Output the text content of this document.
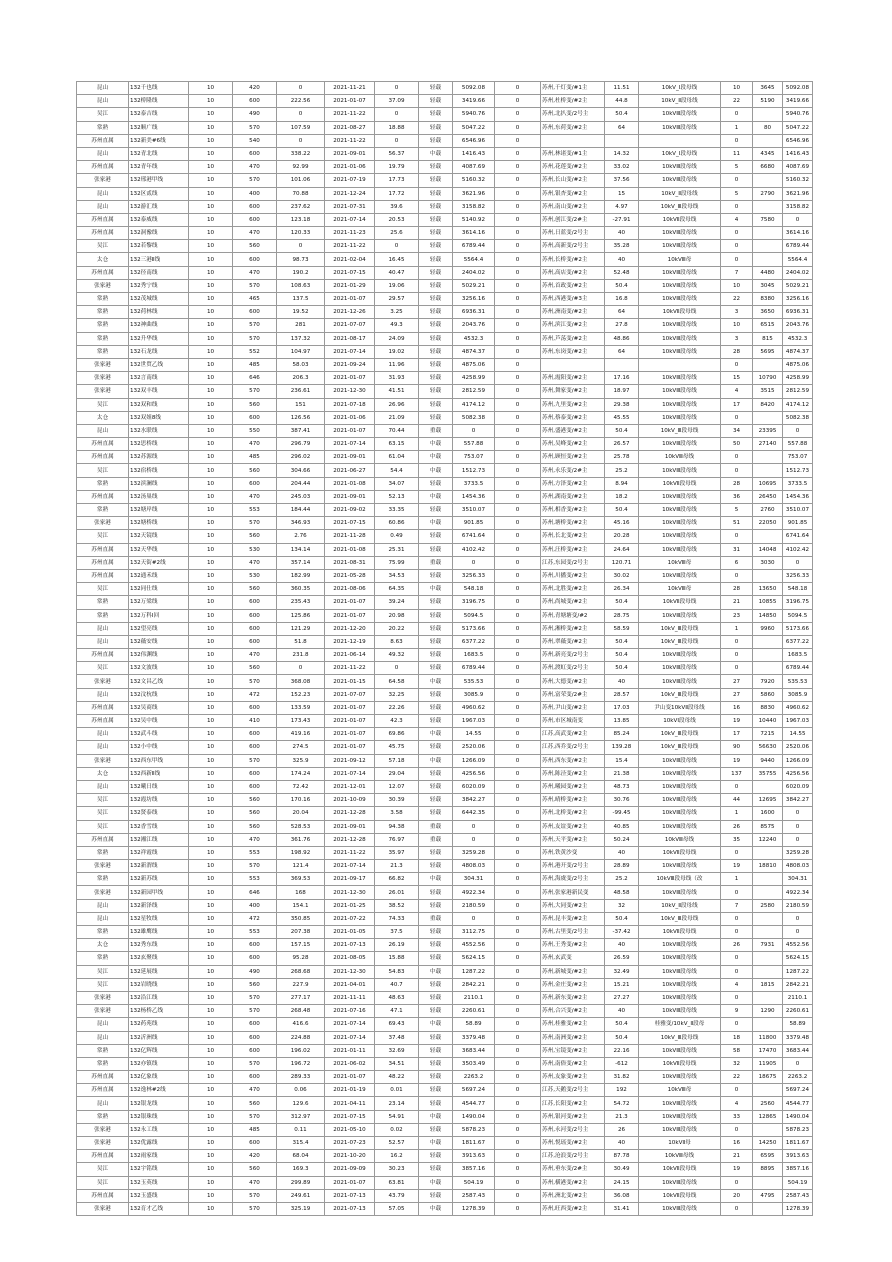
昆山	132千也线	10	420	0	2021-11-21	0	轻载	5092.08	0	苏州,千灯变/#1主	11.51	10kV_Ⅰ段母线	10	3645	5092.08
昆山	132桥隆线	10	600	222.56	2021-01-07	37.09	轻载	3419.66	0	苏州,杜桥变/#2主	44.8	10kV_Ⅱ段母线	22	5190	3419.66
吴江	132泰吉线	10	490	0	2021-11-22	0	轻载	5940.76	0	苏州,北扒变/2号主	50.4	10kVⅢ段母线	0		5940.76
常熟	132顺广线	10	570	107.59	2021-08-27	18.88	轻载	5047.22	0	苏州,东荷变/#2主	64	10kVⅢ段母线	1	80	5047.22
苏州直属	132新美#6线	10	540	0	2021-11-22	0	轻载	6546.96	0				0		6546.96
昆山	132青北线	10	600	338.22	2021-09-01	56.37	中载	1416.43	0	苏州,林诸变/#1主	14.32	10kV_Ⅰ段母线	11	4345	1416.43
苏州直属	132青年线	10	470	92.99	2021-01-06	19.79	轻载	4087.69	0	苏州,花莲变/#2主	33.02	10kVⅢ段母线	5	6680	4087.69
张家港	132邢港甲线	10	570	101.06	2021-07-19	17.73	轻载	5160.32	0	苏州,长山变/#2主	37.56	10kVⅢ段母线	0		5160.32
昆山	132区贰线	10	400	70.88	2021-12-24	17.72	轻载	3621.96	0	苏州,银杏变/#2主	15	10kV_Ⅱ段母线	5	2790	3621.96
昆山	132游汇线	10	600	237.62	2021-07-31	39.6	轻载	3158.82	0	苏州,南山变/#2主	4.97	10kV_Ⅲ段母线	0		3158.82
苏州直属	132泰威线	10	600	123.18	2021-07-14	20.53	轻载	5140.92	0	苏州,创江变/2#主	-27.91	10kVⅡ段母线	4	7580	0
苏州直属	132洞豫线	10	470	120.33	2021-11-23	25.6	轻载	3614.16	0	苏州,日蓝变/2号主	40	10kVⅢ段母线	0		3614.16
吴江	132若黎线	10	560	0	2021-11-22	0	轻载	6789.44	0	苏州,高新变/2号主	35.28	10kVⅢ段母线	0		6789.44
太仓	132三港Ⅱ线	10	600	98.73	2021-02-04	16.45	轻载	5564.4	0	苏州,长桥变/#2主	40	10kVⅢ母	0		5564.4
苏州直属	132径南线	10	470	190.2	2021-07-15	40.47	轻载	2404.02	0	苏州,高店变/#2主	52.48	10kVⅢ段母线	7	4480	2404.02
张家港	132秀宁线	10	570	108.63	2021-01-29	19.06	轻载	5029.21	0	苏州,首政变/#2主	50.4	10kVⅢ段母线	10	3045	5029.21
常熟	132茂城线	10	465	137.5	2021-01-07	29.57	轻载	3256.16	0	苏州,西港变/#3主	16.8	10kVⅢ段母线	22	8380	3256.16
常熟	132荷林线	10	600	19.52	2021-12-26	3.25	轻载	6936.31	0	苏州,洲南变/#2主	64	10kVⅡ段母线	3	3650	6936.31
常熟	132神曲线	10	570	281	2021-07-07	49.3	轻载	2043.76	0	苏州,滨江变/#2主	27.8	10kVⅢ段母线	10	6515	2043.76
常熟	132升华线	10	570	137.32	2021-08-17	24.09	轻载	4532.3	0	苏州,芦荡变/#2主	48.86	10kVⅢ段母线	3	815	4532.3
常熟	132石龙线	10	552	104.97	2021-07-14	19.02	轻载	4874.37	0	苏州,东岗变/#2主	64	10kVⅢ段母线	28	5695	4874.37
张家港	132世贸乙线	10	485	58.03	2021-09-24	11.96	轻载	4875.06	0				0		4875.06
张家港	132言南线	10	646	206.3	2021-01-07	31.93	轻载	4258.99	0	苏州,霞阳变/#2主	17.16	10kVⅢ段母线	15	10790	4258.99
张家港	132双丰线	10	570	236.61	2021-12-30	41.51	轻载	2812.59	0	苏州,舞家变/#2主	18.97	10kVⅢ段母线	4	3515	2812.59
吴江	132双和线	10	560	151	2021-07-18	26.96	轻载	4174.12	0	苏州,九里变/#2主	29.38	10kVⅢ段母线	17	8420	4174.12
太仓	132双姐8线	10	600	126.56	2021-01-06	21.09	轻载	5082.38	0	苏州,蔡泰变/#2主	45.55	10kVⅢ段母线	0		5082.38
昆山	132水联线	10	550	387.41	2021-01-07	70.44	重载	0	0	苏州,盛港变/#2主	50.4	10kV_Ⅲ段母线	34	23395	0
苏州直属	132思桥线	10	470	296.79	2021-07-14	63.15	中载	557.88	0	苏州,吴峰变/#2主	26.57	10kVⅢ段母线	50	27140	557.88
苏州直属	132苏源线	10	485	296.02	2021-09-01	61.04	中载	753.07	0	苏州,顾恒变/#2主	25.78	10kVⅢ母线	0		753.07
吴江	132宿桥线	10	560	304.66	2021-06-27	54.4	中载	1512.73	0	苏州,永乐变/2#主	25.2	10kVⅢ段母线	0		1512.73
常熟	132滨澜线	10	600	204.44	2021-01-08	34.07	轻载	3733.5	0	苏州,方泽变/#2主	8.94	10kVⅡ段母线	28	10695	3733.5
苏州直属	132汤巢线	10	470	245.03	2021-09-01	52.13	中载	1454.36	0	苏州,湖南变/#2主	18.2	10kVⅢ段母线	36	26450	1454.36
常熟	132塘岸线	10	553	184.44	2021-09-02	33.35	轻载	3510.07	0	苏州,相香变/#2主	50.4	10kVⅢ段母线	5	2760	3510.07
张家港	132塘桥线	10	570	346.93	2021-07-15	60.86	中载	901.85	0	苏州,塘桥变/#2主	45.16	10kVⅢ段母线	51	22050	901.85
吴江	132天镜线	10	560	2.76	2021-11-28	0.49	轻载	6741.64	0	苏州,长北变/#2主	20.28	10kVⅢ段母线	0		6741.64
苏州直属	132天华线	10	530	134.14	2021-01-08	25.31	轻载	4102.42	0	苏州,汪桥变/#2主	24.64	10kVⅢ段母线	31	14048	4102.42
苏州直属	132天街#2线	10	470	357.14	2021-08-31	75.99	重载	0	0	江苏,东园变/2号主	120.71	10kVⅢ母	6	3030	0
苏州直属	132通禾线	10	530	182.99	2021-05-28	34.53	轻载	3256.33	0	苏州,川播变/#2主	30.02	10kVⅢ段母线	0		3256.33
吴江	132同仕线	10	560	360.35	2021-08-06	64.35	中载	548.18	0	苏州,北胜变/#2主	26.34	10kVⅢ母	28	13650	548.18
常熟	132万梁线	10	600	235.43	2021-01-07	39.24	轻载	3196.75	0	苏州,尚城变/#2主	50.4	10kVⅡ段母线	21	10855	3196.75
常熟	132万科Ⅰ回	10	600	125.86	2021-01-07	20.98	轻载	5094.5	0	苏州,青塘塘变/#2	28.75	10kVⅢ段母线	23	14850	5094.5
昆山	132望亮线	10	600	121.29	2021-12-20	20.22	轻载	5173.66	0	苏州,湘桥变/#2主	58.59	10kV_Ⅲ段母线	1	9960	5173.66
昆山	132薇安线	10	600	51.8	2021-12-19	8.63	轻载	6377.22	0	苏州,翠薇变/#2主	50.4	10kV_Ⅲ段母线	0		6377.22
苏州直属	132伟渊线	10	470	231.8	2021-06-14	49.32	轻载	1683.5	0	苏州,新亮变/2号主	50.4	10kVⅢ段母线	0		1683.5
吴江	132文波线	10	560	0	2021-11-22	0	轻载	6789.44	0	苏州,渡虹变/2号主	50.4	10kVⅢ段母线	0		6789.44
张家港	132文昌乙线	10	570	368.08	2021-01-15	64.58	中载	535.53	0	苏州,大德变/#2主	40	10kVⅢ段母线	27	7920	535.53
昆山	132汶杭线	10	472	152.23	2021-07-07	32.25	轻载	3085.9	0	苏州,富荣变/2#主	28.57	10kV_Ⅲ段母线	27	5860	3085.9
苏州直属	132吴商线	10	600	133.59	2021-01-07	22.26	轻载	4960.62	0	苏州,尹山变/#2主	17.03	尹山变10kVⅡ段母线	16	8830	4960.62
苏州直属	132吴中线	10	410	173.43	2021-01-07	42.3	轻载	1967.03	0	苏州,市区城南变	13.85	10kVⅠ段母线	19	10440	1967.03
昆山	132武斗线	10	600	419.16	2021-01-07	69.86	中载	14.55	0	江苏,高武变/#2主	85.24	10kV_Ⅲ段母线	17	7215	14.55
昆山	132小中线	10	600	274.5	2021-01-07	45.75	轻载	2520.06	0	江苏,西乔变/2号主	139.28	10kV_Ⅲ段母线	90	56630	2520.06
张家港	132西东甲线	10	570	325.9	2021-09-12	57.18	中载	1266.09	0	苏州,西东变/#2主	15.4	10kVⅢ段母线	19	9440	1266.09
太仓	132西新Ⅱ线	10	600	174.24	2021-07-14	29.04	轻载	4256.56	0	苏州,陈泾变/#2主	21.38	10kVⅢ段母线	137	35755	4256.56
昆山	132曦日线	10	600	72.42	2021-12-01	12.07	轻载	6020.09	0	苏州,曦园变/#2主	48.73	10kVⅢ段母线	0		6020.09
吴江	132霞坊线	10	560	170.16	2021-10-09	30.39	轻载	3842.27	0	苏州,晴桥变/#2主	30.76	10kVⅢ段母线	44	12695	3842.27
吴江	132贤泰线	10	560	20.04	2021-12-28	3.58	轻载	6442.35	0	苏州,北桥变/#2主	-99.45	10kVⅢ段母线	1	1600	0
吴江	132香雪线	10	560	528.53	2021-09-01	94.38	重载	0	0	苏州,友谊变/#2主	40.85	10kVⅢ段母线	26	8575	0
苏州直属	132湘江线	10	470	361.76	2021-12-28	76.97	重载	0	0	苏州,天平变/#2主	50.24	10kVⅢ母线	35	12240	0
常熟	132祥霞线	10	553	198.92	2021-11-22	35.97	轻载	3259.28	0	苏州,铁黄沙变	40	10kVⅡ段母线	0		3259.28
张家港	132新渭线	10	570	121.4	2021-07-14	21.3	轻载	4808.03	0	苏州,港开变/2号主	28.89	10kVⅢ段母线	19	18810	4808.03
常熟	132新苏线	10	553	369.53	2021-09-17	66.82	中载	304.31	0	苏州,海虞变/2号主	25.2	10kVⅢ段母线（改	1		304.31
张家港	132新园甲线	10	646	168	2021-12-30	26.01	轻载	4922.34	0	苏州,张家港新民变	48.58	10kVⅢ段母线	0		4922.34
昆山	132新泽线	10	400	154.1	2021-01-25	38.52	轻载	2180.59	0	苏州,大同变/#2主	32	10kV_Ⅱ段母线	7	2580	2180.59
昆山	132星牧线	10	472	350.85	2021-07-22	74.33	重载	0	0	苏州,昆丰变/#2主	50.4	10kV_Ⅲ段母线	0		0
常熟	132雄鹰线	10	553	207.38	2021-01-05	37.5	轻载	3112.75	0	苏州,古里变/2号主	-37.42	10kVⅡ段母线	0		0
太仓	132秀东线	10	600	157.15	2021-07-13	26.19	轻载	4552.56	0	苏州,王秀变/#2主	40	10kVⅢ段母线	26	7931	4552.56
常熟	132玄聚线	10	600	95.28	2021-08-05	15.88	轻载	5624.15	0	苏州,玄武变	26.59	10kVⅢ段母线	0		5624.15
吴江	132延展线	10	490	268.68	2021-12-30	54.83	中载	1287.22	0	苏州,新城变/#2主	32.49	10kVⅢ段母线	0		1287.22
吴江	132岩晓线	10	560	227.9	2021-04-01	40.7	轻载	2842.21	0	苏州,金庄变/#2主	15.21	10kVⅢ段母线	4	1815	2842.21
张家港	132沿江线	10	570	277.17	2021-11-11	48.63	轻载	2110.1	0	苏州,新东变/#2主	27.27	10kVⅢ段母线	0		2110.1
张家港	132杨桥乙线	10	570	268.48	2021-07-16	47.1	轻载	2260.61	0	苏州,合兴变/#2主	40	10kVⅢ段母线	9	1290	2260.61
昆山	132药苑线	10	600	416.6	2021-07-14	69.43	中载	58.89	0	苏州,桂雅变/#2主	50.4	桂雅变/10kV_Ⅱ段母	0		58.89
昆山	132沂洲线	10	600	224.88	2021-07-14	37.48	轻载	3379.48	0	苏州,南洲变/#2主	50.4	10kV_Ⅲ段母线	18	11800	3379.48
常熟	132亿辉线	10	600	196.02	2021-01-11	32.69	轻载	3683.44	0	苏州,宝镜变/#2主	22.16	10kVⅢ段母线	58	17470	3683.44
常熟	132亦镇线	10	570	196.72	2021-06-02	34.51	轻载	3503.49	0	苏州,南俗变/#2主	-612	10kVⅡ段母线	32	11905	0
苏州直属	132亿象线	10	600	289.33	2021-01-07	48.22	轻载	2263.2	0	苏州,友象变/#2主	31.82	10kVⅢ段母线	22	18675	2263.2
苏州直属	132逸林#2线	10	470	0.06	2021-01-19	0.01	轻载	5697.24	0	江苏,天鹅变/2号主	192	10kVⅢ母	0		5697.24
昆山	132银龙线	10	560	129.6	2021-04-11	23.14	轻载	4544.77	0	江苏,长阳变/#2主	54.72	10kVⅢ段母线	4	2560	4544.77
常熟	132银珠线	10	570	312.97	2021-07-15	54.91	中载	1490.04	0	苏州,银河变/#2主	21.3	10kVⅢ段母线	33	12865	1490.04
张家港	132永工线	10	485	0.11	2021-05-10	0.02	轻载	5878.23	0	苏州,永河变/2号主	26	10kVⅢ段母线	0		5878.23
张家港	132优露线	10	600	315.4	2021-07-23	52.57	中载	1811.67	0	苏州,悦瑶变/#2主	40	10kVⅡ母	16	14250	1811.67
苏州直属	132雨家线	10	420	68.04	2021-10-20	16.2	轻载	3913.63	0	江苏,沧浪变/2号主	87.78	10kVⅢ母线	21	6595	3913.63
吴江	132宇铭线	10	560	169.3	2021-09-09	30.23	轻载	3857.16	0	苏州,垂东变/2#主	30.49	10kVⅡ段母线	19	8895	3857.16
吴江	132玉英线	10	470	299.89	2021-01-07	63.81	中载	504.19	0	苏州,横港变/#2主	24.15	10kVⅢ段母线	0		504.19
苏州直属	132玉盛线	10	570	249.61	2021-07-13	43.79	轻载	2587.43	0	苏州,洲北变/#2主	36.08	10kVⅡ段母线	20	4795	2587.43
张家港	132育才乙线	10	570	325.19	2021-07-13	57.05	中载	1278.39	0	苏州,旺西变/#2主	31.41	10kVⅢ段母线	0		1278.39
